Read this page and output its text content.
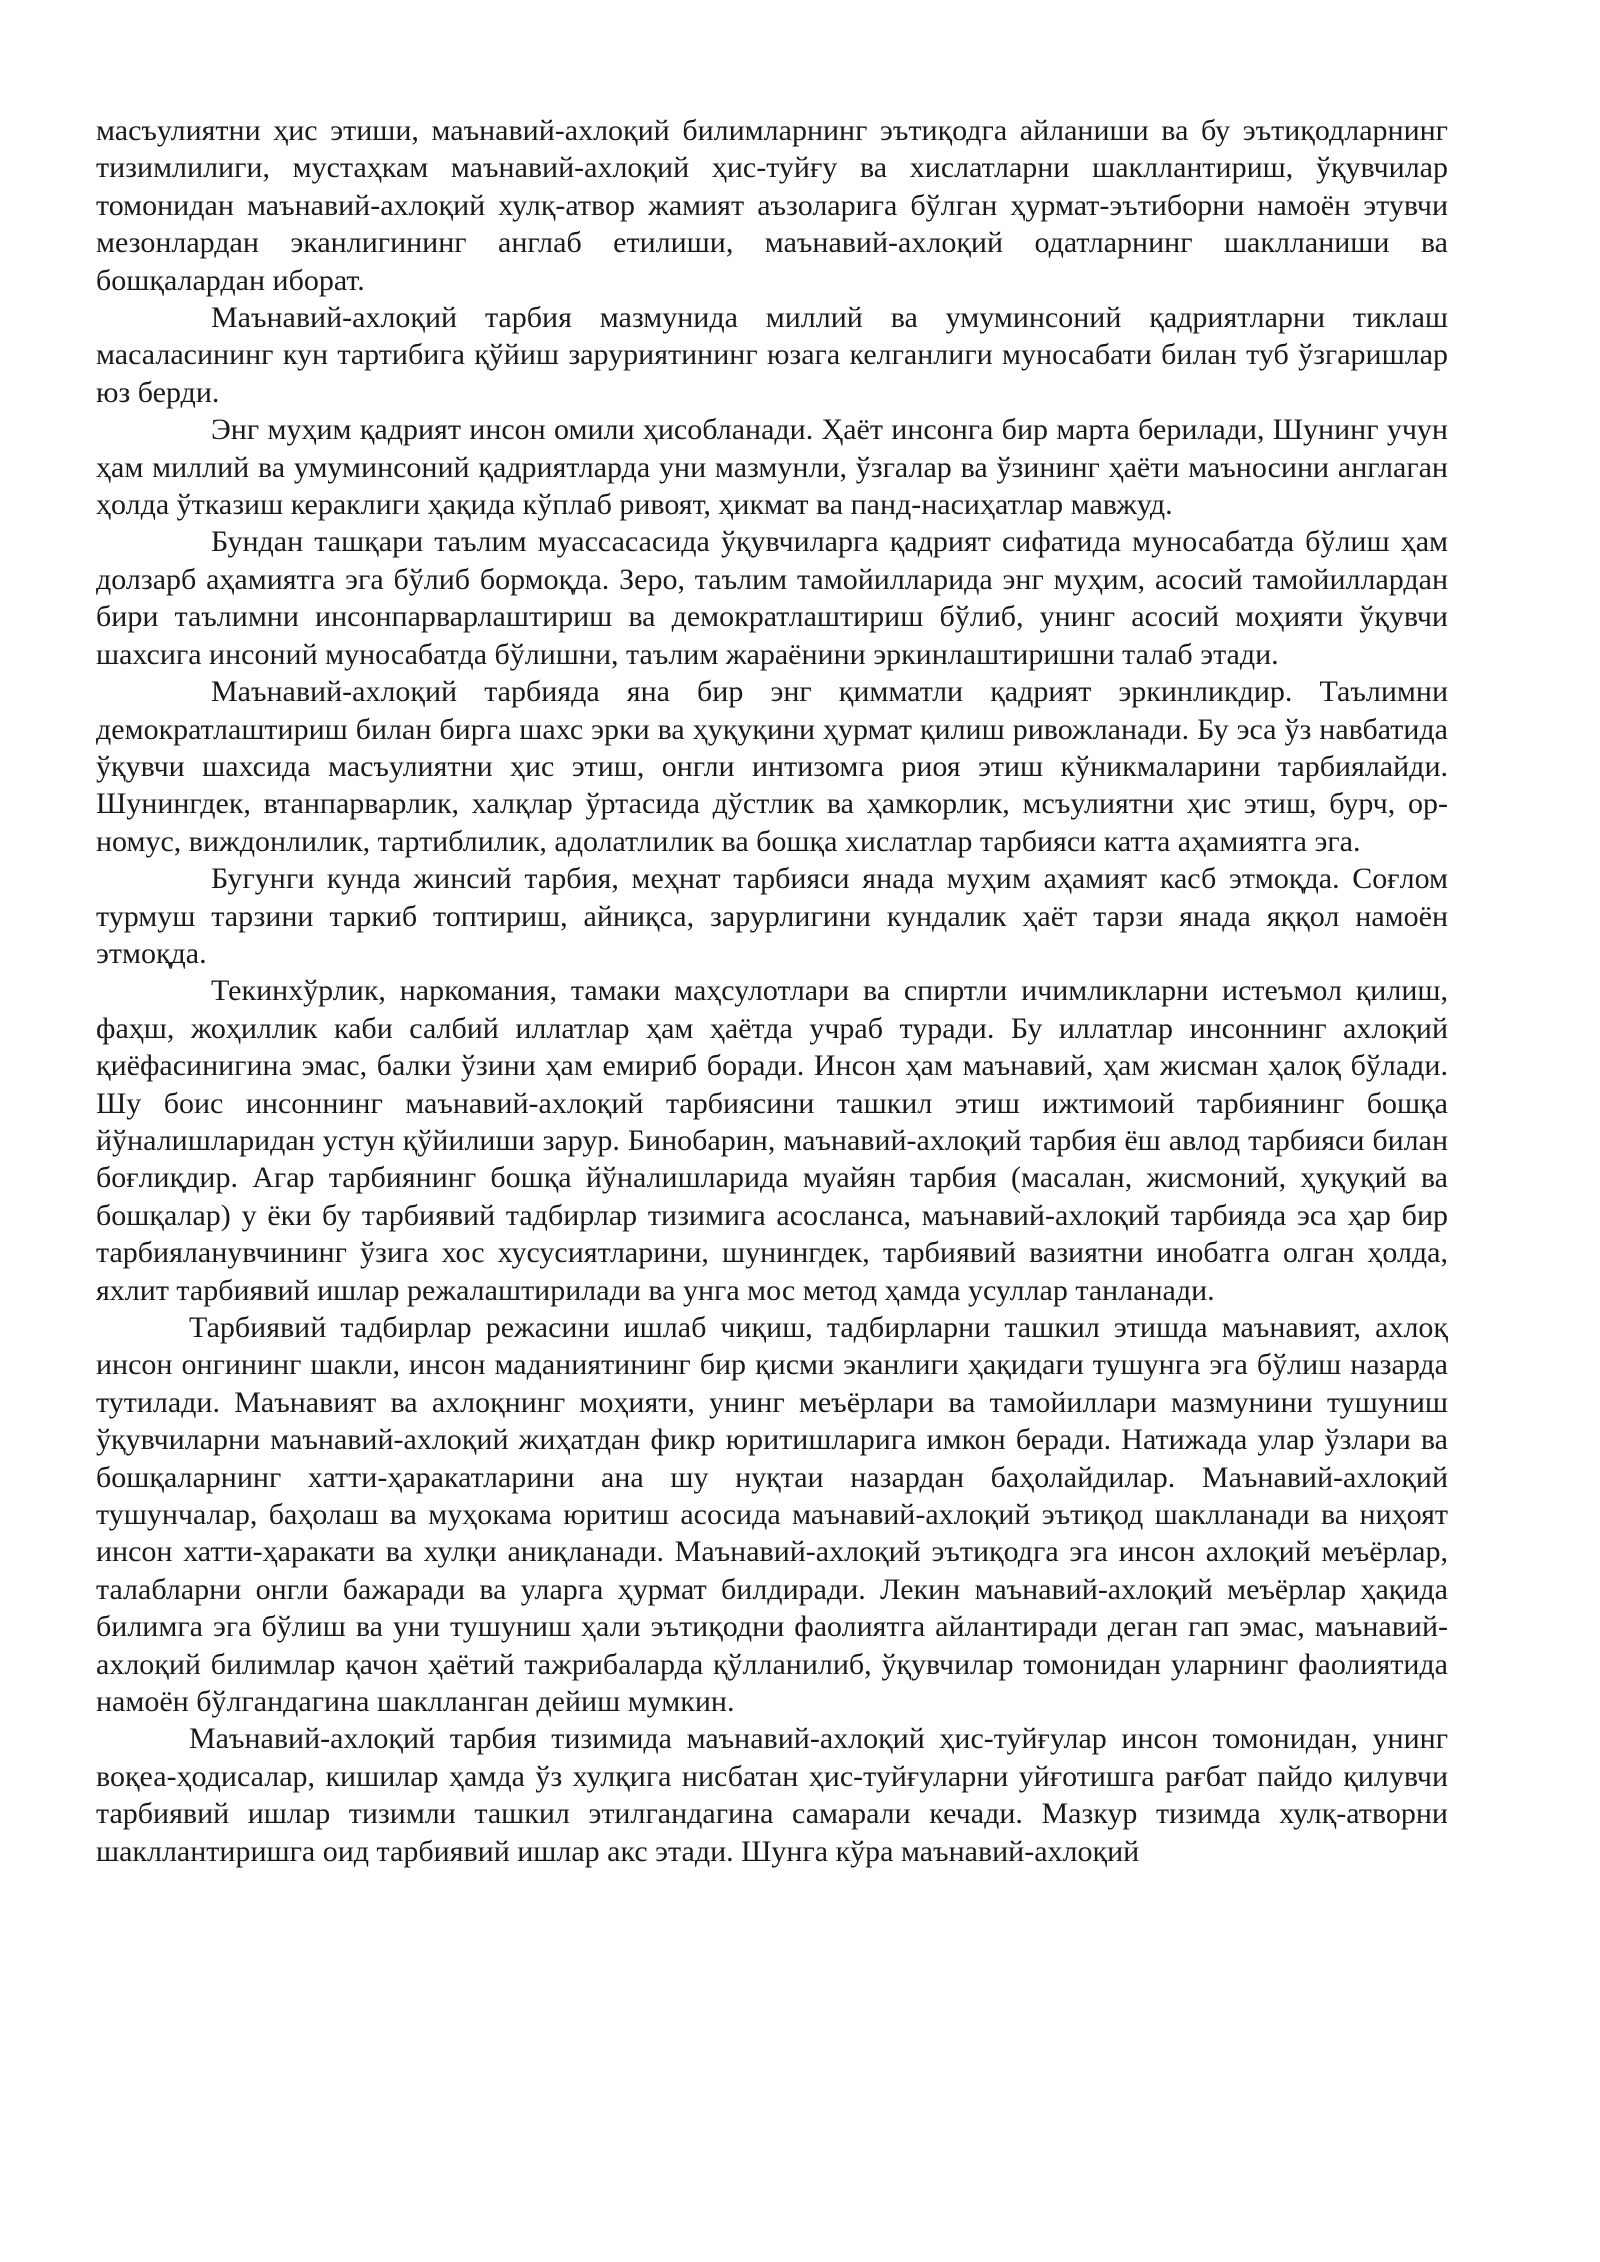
масъулиятни ҳис этиши, маънавий-ахлоқий билимларнинг эътиқодга айланиши ва бу эътиқодларнинг тизимлилиги, мустаҳкам маънавий-ахлоқий ҳис-туйғу ва хислатларни шакллантириш, ўқувчилар томонидан маънавий-ахлоқий хулқ-атвор жамият аъзоларига бўлган ҳурмат-эътиборни намоён этувчи мезонлардан эканлигининг англаб етилиши, маънавий-ахлоқий одатларнинг шаклланиши ва бошқалардан иборат.

Маънавий-ахлоқий тарбия мазмунида миллий ва умуминсоний қадриятларни тиклаш масаласининг кун тартибига қўйиш заруриятининг юзага келганлиги муносабати билан туб ўзгаришлар юз берди.

Энг муҳим қадрият инсон омили ҳисобланади. Ҳаёт инсонга бир марта берилади, Шунинг учун ҳам миллий ва умуминсоний қадриятларда уни мазмунли, ўзгалар ва ўзининг ҳаёти маъносини англаган ҳолда ўтказиш кераклиги ҳақида кўплаб ривоят, ҳикмат ва панд-насиҳатлар мавжуд.

Бундан ташқари таълим муассасасида ўқувчиларга қадрият сифатида муносабатда бўлиш ҳам долзарб аҳамиятга эга бўлиб бормоқда. Зеро, таълим тамойилларида энг муҳим, асосий тамойиллардан бири таълимни инсонпарварлаштириш ва демократлаштириш бўлиб, унинг асосий моҳияти ўқувчи шахсига инсоний муносабатда бўлишни, таълим жараёнини эркинлаштиришни талаб этади.

Маънавий-ахлоқий тарбияда яна бир энг қимматли қадрият эркинликдир. Таълимни демократлаштириш билан бирга шахс эрки ва ҳуқуқини ҳурмат қилиш ривожланади. Бу эса ўз навбатида ўқувчи шахсида масъулиятни ҳис этиш, онгли интизомга риоя этиш кўникмаларини тарбиялайди. Шунингдек, втанпарварлик, халқлар ўртасида дўстлик ва ҳамкорлик, мсъулиятни ҳис этиш, бурч, ор-номус, виждонлилик, тартиблилик, адолатлилик ва бошқа хислатлар тарбияси катта аҳамиятга эга.

Бугунги кунда жинсий тарбия, меҳнат тарбияси янада муҳим аҳамият касб этмоқда. Соғлом турмуш тарзини таркиб топтириш, айниқса, зарурлигини кундалик ҳаёт тарзи янада яққол намоён этмоқда.

Текинхўрлик, наркомания, тамаки маҳсулотлари ва спиртли ичимликларни истеъмол қилиш, фаҳш, жоҳиллик каби салбий иллатлар ҳам ҳаётда учраб туради. Бу иллатлар инсоннинг ахлоқий қиёфасинигина эмас, балки ўзини ҳам емириб боради. Инсон ҳам маънавий, ҳам жисман ҳалоқ бўлади. Шу боис инсоннинг маънавий-ахлоқий тарбиясини ташкил этиш ижтимоий тарбиянинг бошқа йўналишларидан устун қўйилиши зарур. Бинобарин, маънавий-ахлоқий тарбия ёш авлод тарбияси билан боғлиқдир. Агар тарбиянинг бошқа йўналишларида муайян тарбия (масалан, жисмоний, ҳуқуқий ва бошқалар) у ёки бу тарбиявий тадбирлар тизимига асосланса, маънавий-ахлоқий тарбияда эса ҳар бир тарбияланувчининг ўзига хос хусусиятларини, шунингдек, тарбиявий вазиятни инобатга олган ҳолда, яхлит тарбиявий ишлар режалаштирилади ва унга мос метод ҳамда усуллар танланади.

Тарбиявий тадбирлар режасини ишлаб чиқиш, тадбирларни ташкил этишда маънавият, ахлоқ инсон онгининг шакли, инсон маданиятининг бир қисми эканлиги ҳақидаги тушунга эга бўлиш назарда тутилади. Маънавият ва ахлоқнинг моҳияти, унинг меъёрлари ва тамойиллари мазмунини тушуниш ўқувчиларни маънавий-ахлоқий жиҳатдан фикр юритишларига имкон беради. Натижада улар ўзлари ва бошқаларнинг хатти-ҳаракатларини ана шу нуқтаи назардан баҳолайдилар. Маънавий-ахлоқий тушунчалар, баҳолаш ва муҳокама юритиш асосида маънавий-ахлоқий эътиқод шаклланади ва ниҳоят инсон хатти-ҳаракати ва хулқи аниқланади. Маънавий-ахлоқий эътиқодга эга инсон ахлоқий меъёрлар, талабларни онгли бажаради ва уларга ҳурмат билдиради. Лекин маънавий-ахлоқий меъёрлар ҳақида билимга эга бўлиш ва уни тушуниш ҳали эътиқодни фаолиятга айлантиради деган гап эмас, маънавий-ахлоқий билимлар қачон ҳаётий тажрибаларда қўлланилиб, ўқувчилар томонидан уларнинг фаолиятида намоён бўлгандагина шаклланган дейиш мумкин.

Маънавий-ахлоқий тарбия тизимида маънавий-ахлоқий ҳис-туйғулар инсон томонидан, унинг воқеа-ҳодисалар, кишилар ҳамда ўз хулқига нисбатан ҳис-туйғуларни уйғотишга рағбат пайдо қилувчи тарбиявий ишлар тизимли ташкил этилгандагина самарали кечади. Мазкур тизимда хулқ-атворни шакллантиришга оид тарбиявий ишлар акс этади. Шунга кўра маънавий-ахлоқий
